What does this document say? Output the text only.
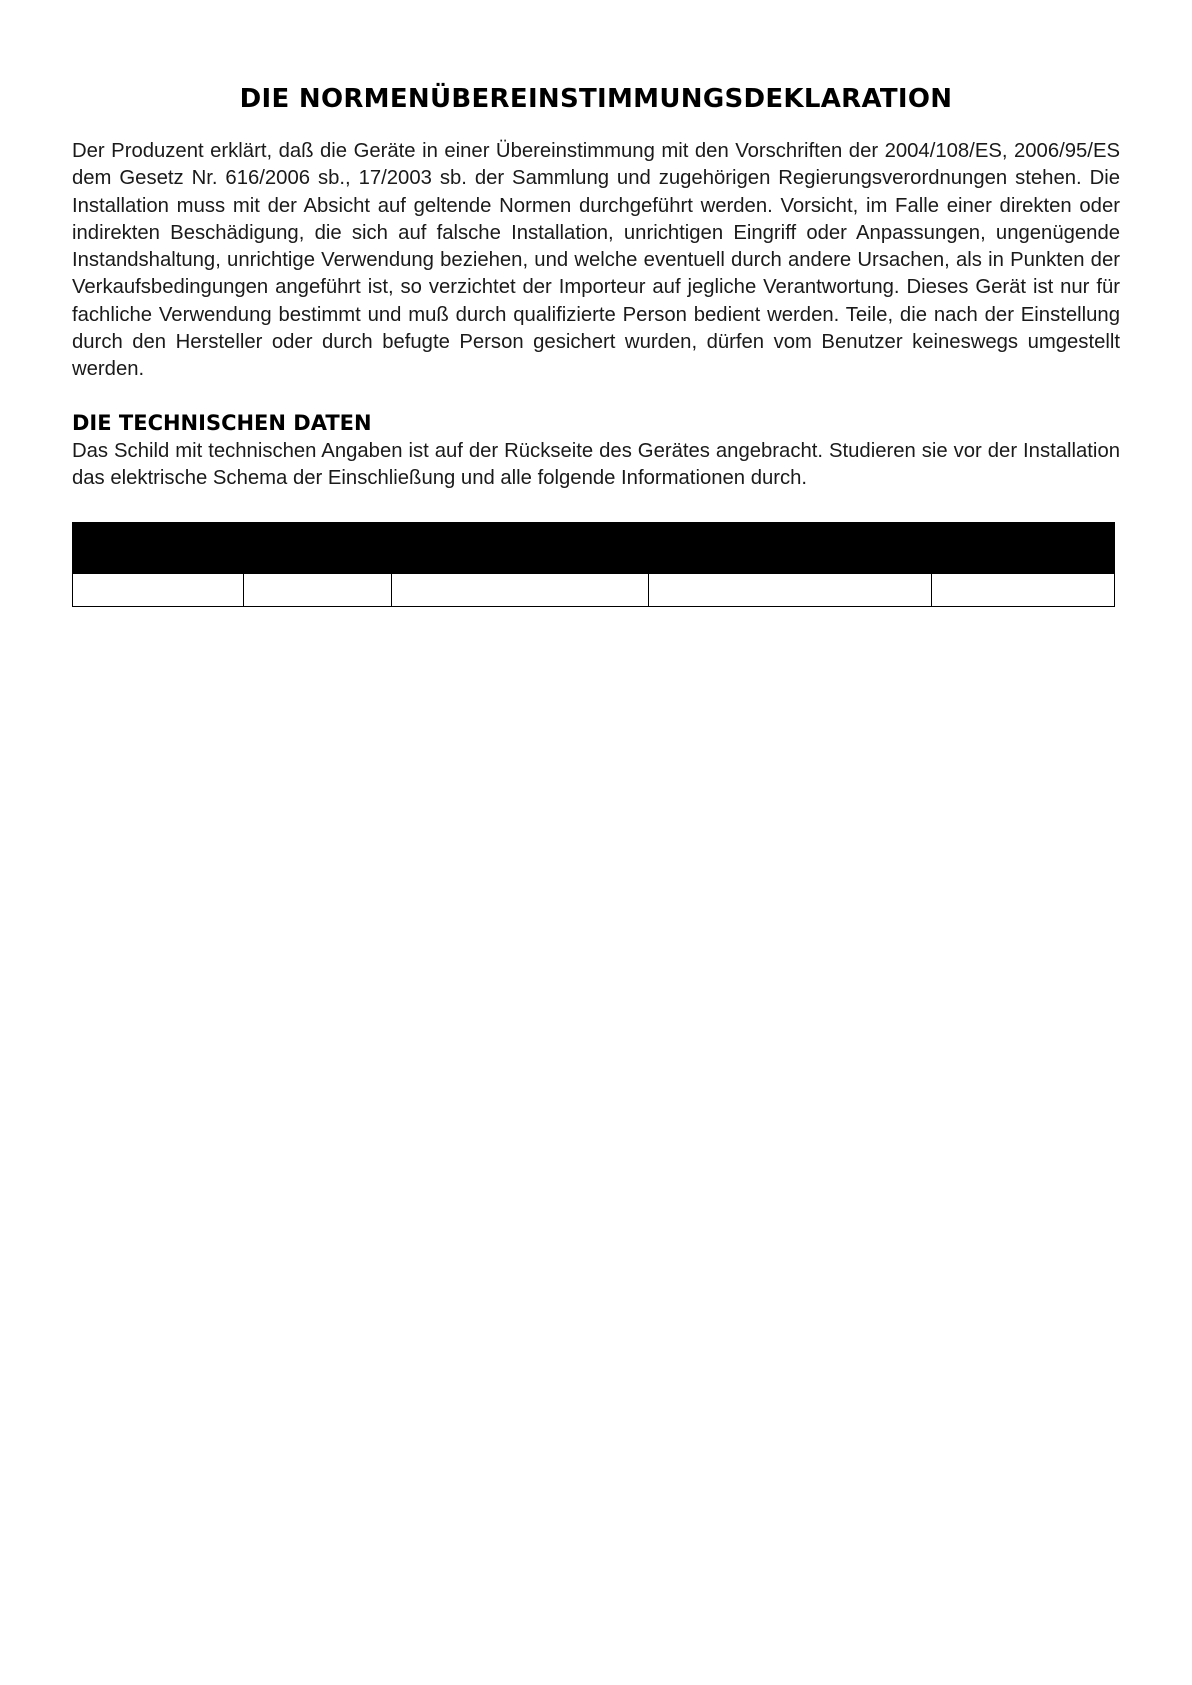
DIE NORMENÜBEREINSTIMMUNGSDEKLARATION

Der Produzent erklärt, daß die Geräte in einer Übereinstimmung mit den Vorschriften der 2004/108/ES, 2006/95/ES dem Gesetz Nr. 616/2006 sb., 17/2003 sb. der Sammlung und zugehörigen Regierungsverordnungen stehen. Die Installation muss mit der Absicht auf geltende Normen durchgeführt werden. Vorsicht, im Falle einer direkten oder indirekten Beschädigung, die sich auf falsche Installation, unrichtigen Eingriff oder Anpassungen, ungenügende Instandshaltung, unrichtige Verwendung beziehen, und welche eventuell durch andere Ursachen, als in Punkten der Verkaufsbedingungen angeführt ist, so verzichtet der Importeur auf jegliche Verantwortung. Dieses Gerät ist nur für fachliche Verwendung bestimmt und muß durch qualifizierte Person bedient werden. Teile, die nach der Einstellung durch den Hersteller oder durch befugte Person gesichert wurden, dürfen vom Benutzer keineswegs umgestellt werden.

DIE TECHNISCHEN DATEN

Das Schild mit technischen Angaben ist auf der Rückseite des Gerätes angebracht. Studieren sie vor der Installation das elektrische Schema der Einschließung und alle folgende Informationen durch.
